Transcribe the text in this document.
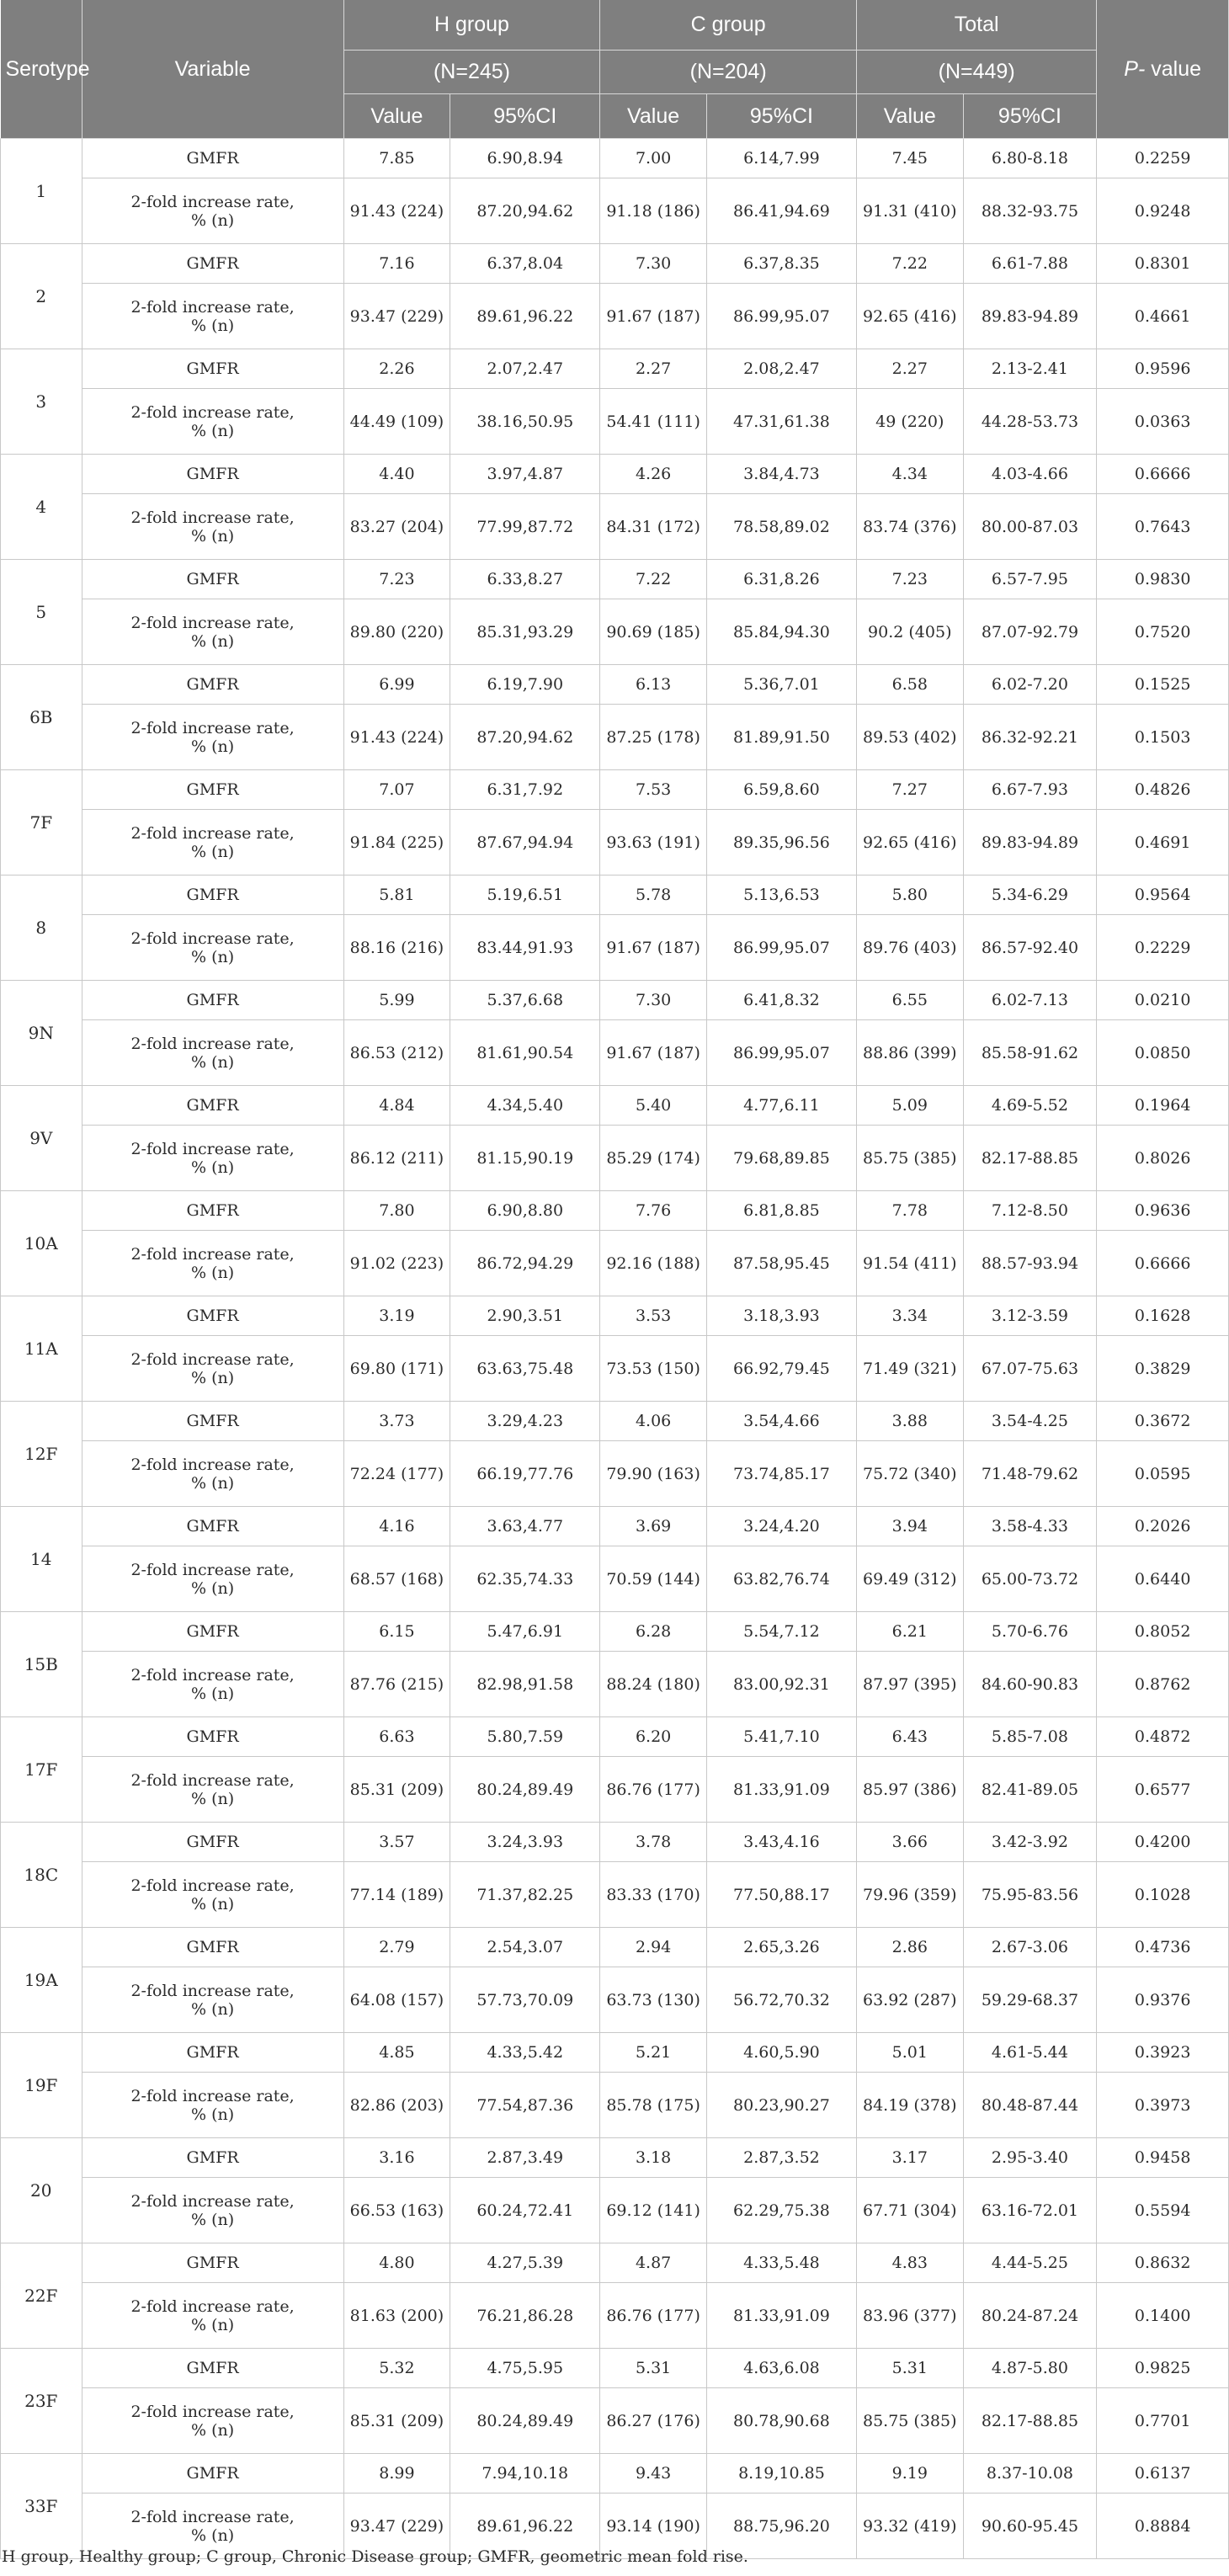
Serotype	Variable	H group		C group		Total		P- value
		(N=245)		(N=204)		(N=449)		
		Value	95%CI	Value	95%CI	Value	95%CI	
1	GMFR	7.85	6.90,8.94	7.00	6.14,7.99	7.45	6.80-8.18	0.2259

	2-fold increase rate,
% (n)	91.43 (224)	87.20,94.62	91.18 (186)	86.41,94.69	91.31 (410)	88.32-93.75	0.9248
2	GMFR	7.16	6.37,8.04	7.30	6.37,8.35	7.22	6.61-7.88	0.8301

	2-fold increase rate,
% (n)	93.47 (229)	89.61,96.22	91.67 (187)	86.99,95.07	92.65 (416)	89.83-94.89	0.4661
3	GMFR	2.26	2.07,2.47	2.27	2.08,2.47	2.27	2.13-2.41	0.9596

	2-fold increase rate,
% (n)	44.49 (109)	38.16,50.95	54.41 (111)	47.31,61.38	49 (220)	44.28-53.73	0.0363
4	GMFR	4.40	3.97,4.87	4.26	3.84,4.73	4.34	4.03-4.66	0.6666

	2-fold increase rate,
% (n)	83.27 (204)	77.99,87.72	84.31 (172)	78.58,89.02	83.74 (376)	80.00-87.03	0.7643
5	GMFR	7.23	6.33,8.27	7.22	6.31,8.26	7.23	6.57-7.95	0.9830

	2-fold increase rate,
% (n)	89.80 (220)	85.31,93.29	90.69 (185)	85.84,94.30	90.2 (405)	87.07-92.79	0.7520
6B	GMFR	6.99	6.19,7.90	6.13	5.36,7.01	6.58	6.02-7.20	0.1525

	2-fold increase rate,
% (n)	91.43 (224)	87.20,94.62	87.25 (178)	81.89,91.50	89.53 (402)	86.32-92.21	0.1503
7F	GMFR	7.07	6.31,7.92	7.53	6.59,8.60	7.27	6.67-7.93	0.4826

	2-fold increase rate,
% (n)	91.84 (225)	87.67,94.94	93.63 (191)	89.35,96.56	92.65 (416)	89.83-94.89	0.4691
8	GMFR	5.81	5.19,6.51	5.78	5.13,6.53	5.80	5.34-6.29	0.9564

	2-fold increase rate,
% (n)	88.16 (216)	83.44,91.93	91.67 (187)	86.99,95.07	89.76 (403)	86.57-92.40	0.2229
9N	GMFR	5.99	5.37,6.68	7.30	6.41,8.32	6.55	6.02-7.13	0.0210

	2-fold increase rate,
% (n)	86.53 (212)	81.61,90.54	91.67 (187)	86.99,95.07	88.86 (399)	85.58-91.62	0.0850
9V	GMFR	4.84	4.34,5.40	5.40	4.77,6.11	5.09	4.69-5.52	0.1964

	2-fold increase rate,
% (n)	86.12 (211)	81.15,90.19	85.29 (174)	79.68,89.85	85.75 (385)	82.17-88.85	0.8026
10A	GMFR	7.80	6.90,8.80	7.76	6.81,8.85	7.78	7.12-8.50	0.9636

	2-fold increase rate,
% (n)	91.02 (223)	86.72,94.29	92.16 (188)	87.58,95.45	91.54 (411)	88.57-93.94	0.6666
11A	GMFR	3.19	2.90,3.51	3.53	3.18,3.93	3.34	3.12-3.59	0.1628

	2-fold increase rate,
% (n)	69.80 (171)	63.63,75.48	73.53 (150)	66.92,79.45	71.49 (321)	67.07-75.63	0.3829
12F	GMFR	3.73	3.29,4.23	4.06	3.54,4.66	3.88	3.54-4.25	0.3672

	2-fold increase rate,
% (n)	72.24 (177)	66.19,77.76	79.90 (163)	73.74,85.17	75.72 (340)	71.48-79.62	0.0595
14	GMFR	4.16	3.63,4.77	3.69	3.24,4.20	3.94	3.58-4.33	0.2026

	2-fold increase rate,
% (n)	68.57 (168)	62.35,74.33	70.59 (144)	63.82,76.74	69.49 (312)	65.00-73.72	0.6440
15B	GMFR	6.15	5.47,6.91	6.28	5.54,7.12	6.21	5.70-6.76	0.8052

	2-fold increase rate,
% (n)	87.76 (215)	82.98,91.58	88.24 (180)	83.00,92.31	87.97 (395)	84.60-90.83	0.8762
17F	GMFR	6.63	5.80,7.59	6.20	5.41,7.10	6.43	5.85-7.08	0.4872

	2-fold increase rate,
% (n)	85.31 (209)	80.24,89.49	86.76 (177)	81.33,91.09	85.97 (386)	82.41-89.05	0.6577
18C	GMFR	3.57	3.24,3.93	3.78	3.43,4.16	3.66	3.42-3.92	0.4200

	2-fold increase rate,
% (n)	77.14 (189)	71.37,82.25	83.33 (170)	77.50,88.17	79.96 (359)	75.95-83.56	0.1028
19A	GMFR	2.79	2.54,3.07	2.94	2.65,3.26	2.86	2.67-3.06	0.4736

	2-fold increase rate,
% (n)	64.08 (157)	57.73,70.09	63.73 (130)	56.72,70.32	63.92 (287)	59.29-68.37	0.9376
19F	GMFR	4.85	4.33,5.42	5.21	4.60,5.90	5.01	4.61-5.44	0.3923

	2-fold increase rate,
% (n)	82.86 (203)	77.54,87.36	85.78 (175)	80.23,90.27	84.19 (378)	80.48-87.44	0.3973
20	GMFR	3.16	2.87,3.49	3.18	2.87,3.52	3.17	2.95-3.40	0.9458

	2-fold increase rate,
% (n)	66.53 (163)	60.24,72.41	69.12 (141)	62.29,75.38	67.71 (304)	63.16-72.01	0.5594
22F	GMFR	4.80	4.27,5.39	4.87	4.33,5.48	4.83	4.44-5.25	0.8632

	2-fold increase rate,
% (n)	81.63 (200)	76.21,86.28	86.76 (177)	81.33,91.09	83.96 (377)	80.24-87.24	0.1400
23F	GMFR	5.32	4.75,5.95	5.31	4.63,6.08	5.31	4.87-5.80	0.9825

	2-fold increase rate,
% (n)	85.31 (209)	80.24,89.49	86.27 (176)	80.78,90.68	85.75 (385)	82.17-88.85	0.7701
33F	GMFR	8.99	7.94,10.18	9.43	8.19,10.85	9.19	8.37-10.08	0.6137

	2-fold increase rate,
% (n)	93.47 (229)	89.61,96.22	93.14 (190)	88.75,96.20	93.32 (419)	90.60-95.45	0.8884
H group, Healthy group; C group, Chronic Disease group; GMFR, geometric mean fold rise.
